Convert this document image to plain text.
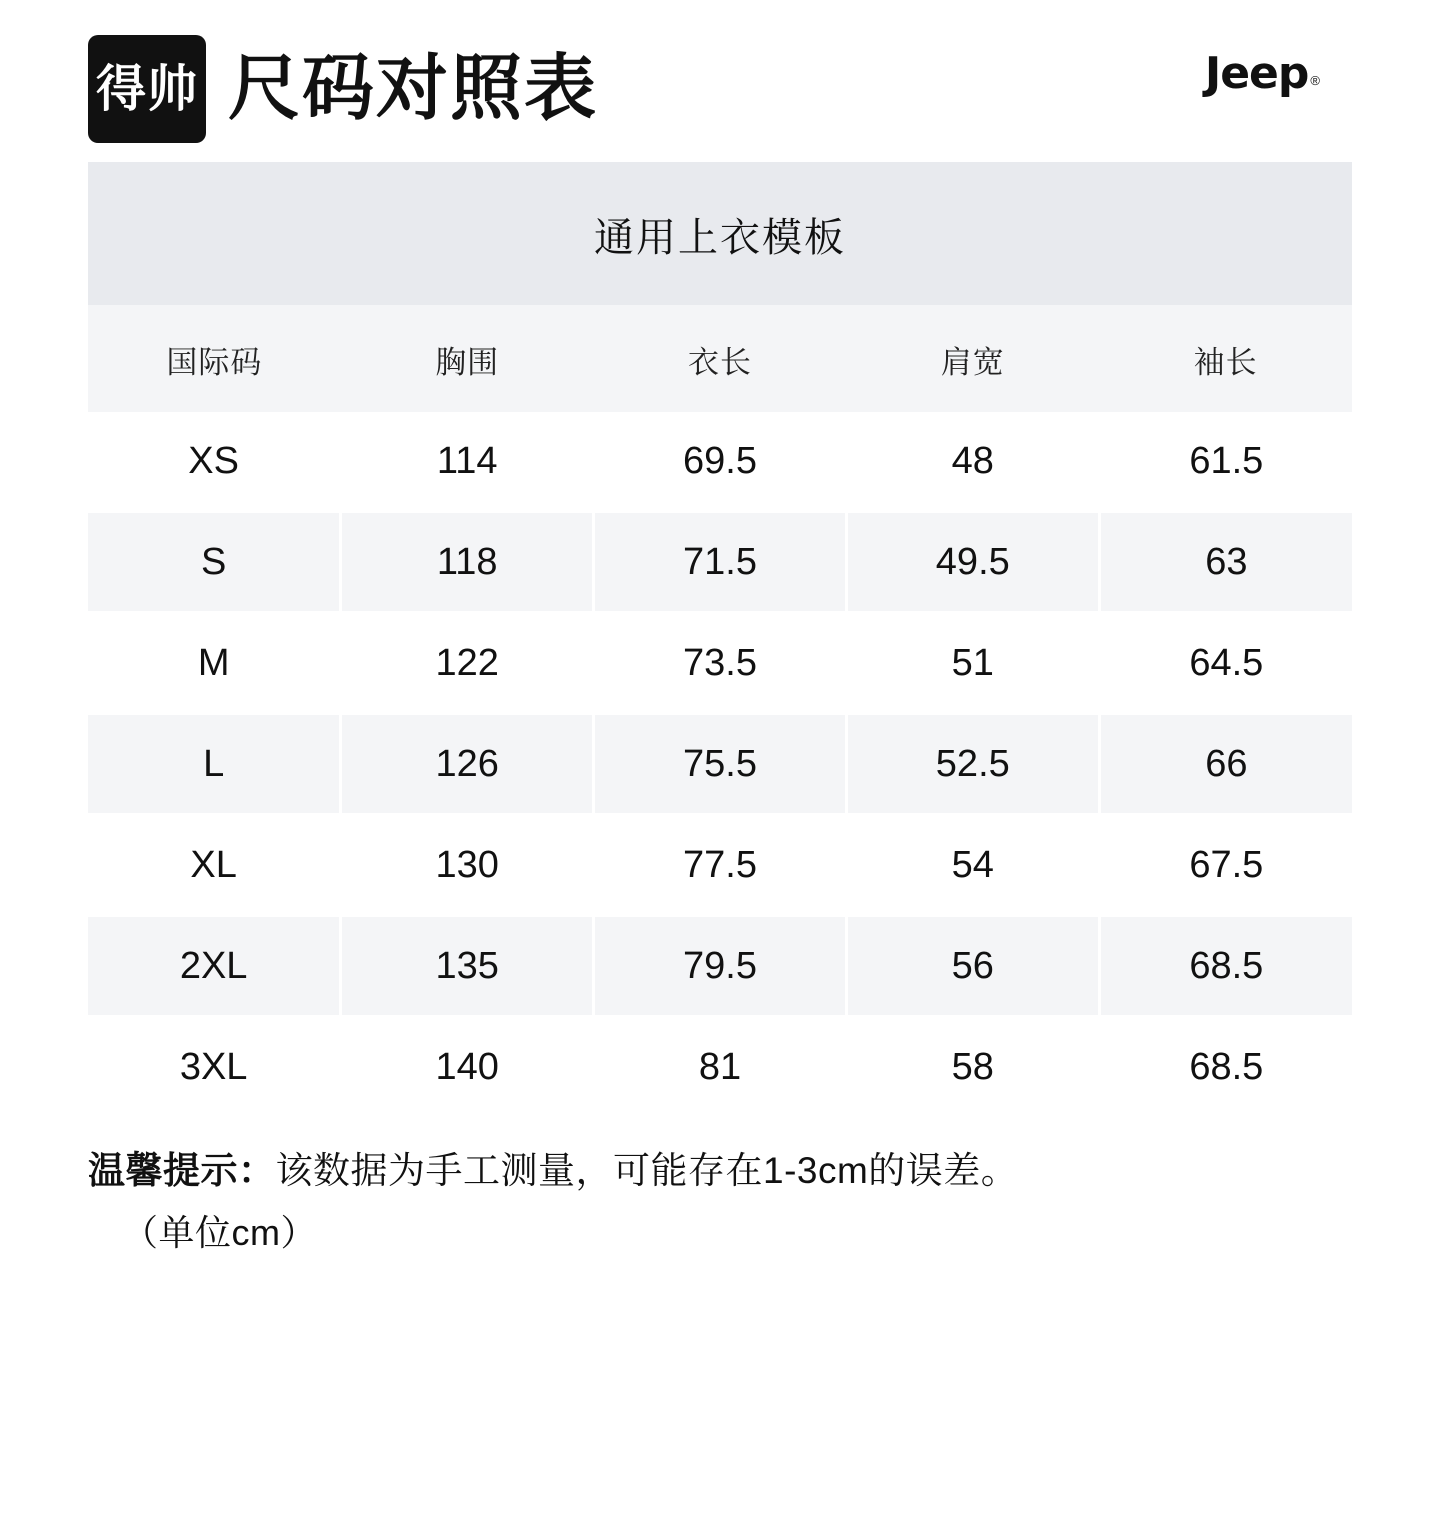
得帅 尺码对照表	Jeep ®
通用上衣模板
国际码	胸围	衣长	肩宽	袖长
XS	114	69.5	48	61.5
S	118	71.5	49.5	63
M	122	73.5	51	64.5
L	126	75.5	52.5	66
XL	130	77.5	54	67.5
2XL	135	79.5	56	68.5
3XL	140	81	58	68.5
温馨提示：该数据为手工测量，可能存在1-3cm的误差。
（单位cm）
